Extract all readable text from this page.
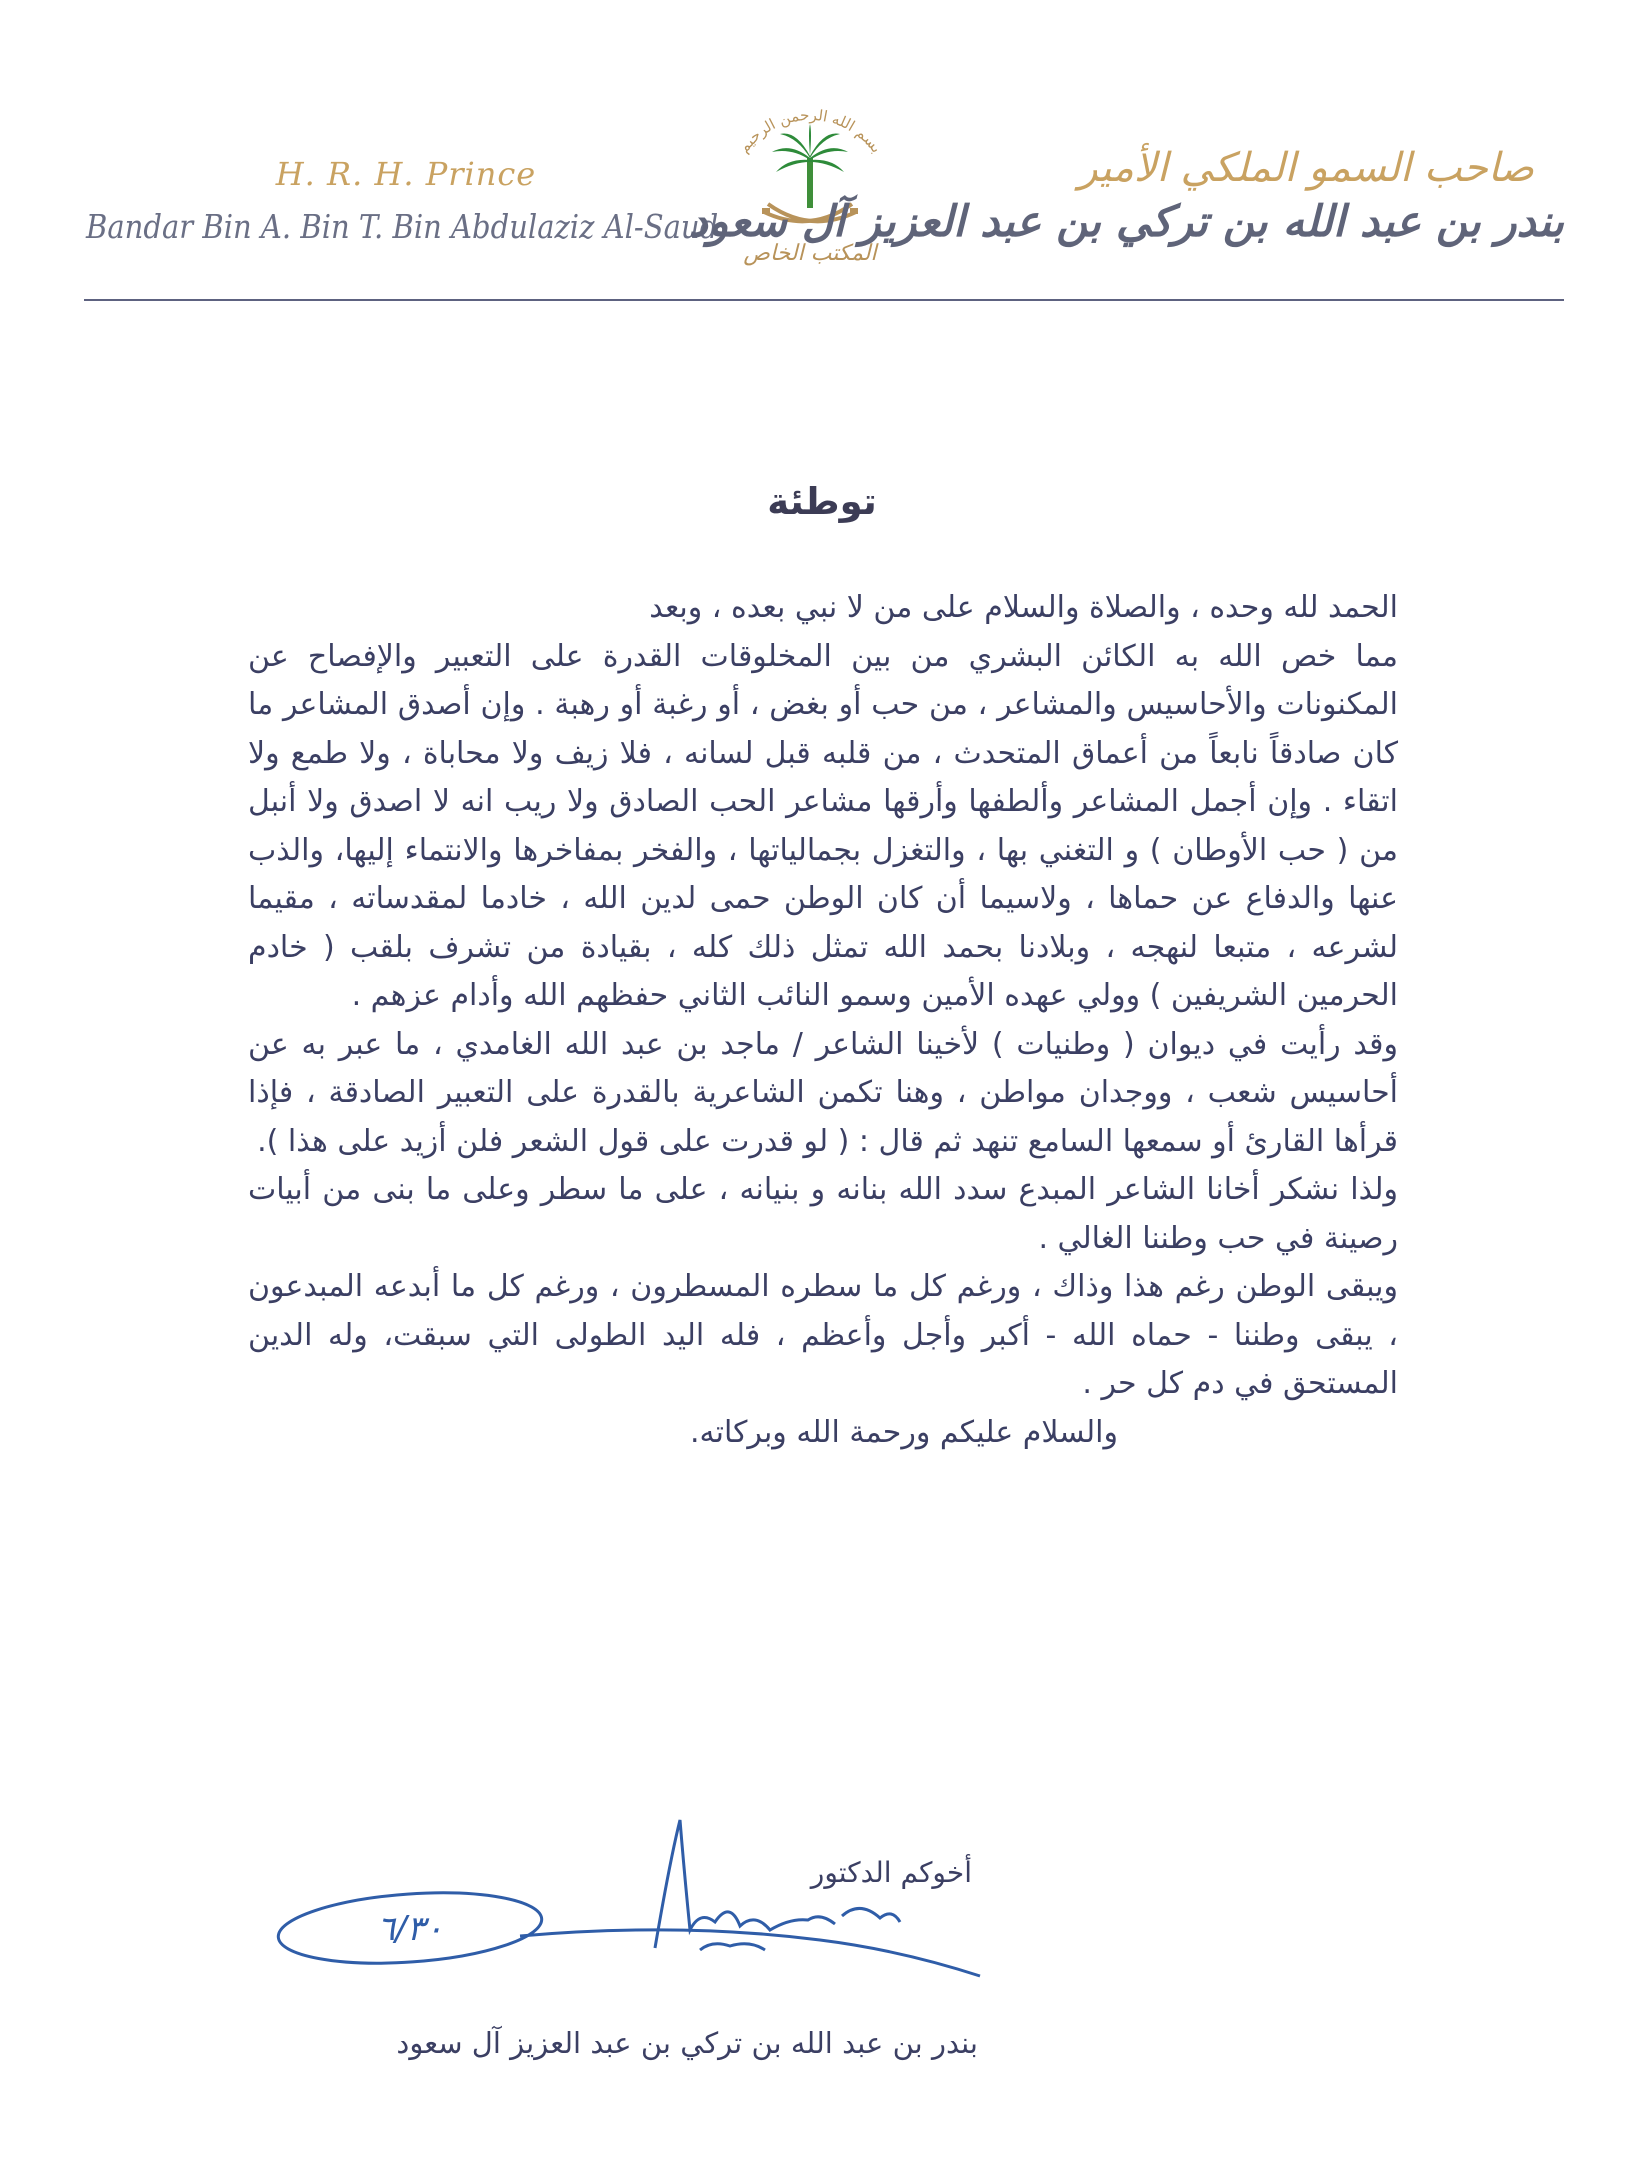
H. R. H. Prince
Bandar Bin A. Bin T. Bin Abdulaziz Al-Saud
بسم الله الرحمن الرحيم
المكتب الخاص
صاحب السمو الملكي الأمير
بندر بن عبد الله بن تركي بن عبد العزيز آل سعود
توطئة

الحمد لله وحده ، والصلاة والسلام على من لا نبي بعده ، وبعد

مما خص الله به الكائن البشري من بين المخلوقات القدرة على التعبير والإفصاح عن المكنونات والأحاسيس والمشاعر ، من حب أو بغض ، أو رغبة أو رهبة . وإن أصدق المشاعر ما كان صادقاً نابعاً من أعماق المتحدث ، من قلبه قبل لسانه ، فلا زيف ولا محاباة ، ولا طمع ولا اتقاء . وإن أجمل المشاعر وألطفها وأرقها مشاعر الحب الصادق ولا ريب انه لا اصدق ولا أنبل من ( حب الأوطان ) و التغني بها ، والتغزل بجمالياتها ، والفخر بمفاخرها والانتماء إليها، والذب عنها والدفاع عن حماها ، ولاسيما أن كان الوطن حمى لدين الله ، خادما لمقدساته ، مقيما لشرعه ، متبعا لنهجه ، وبلادنا بحمد الله تمثل ذلك كله ، بقيادة من تشرف بلقب ( خادم الحرمين الشريفين ) وولي عهده الأمين وسمو النائب الثاني حفظهم الله وأدام عزهم .

وقد رأيت في ديوان ( وطنيات ) لأخينا الشاعر / ماجد بن عبد الله الغامدي ، ما عبر به عن أحاسيس شعب ، ووجدان مواطن ، وهنا تكمن الشاعرية بالقدرة على التعبير الصادقة ، فإذا قرأها القارئ أو سمعها السامع تنهد ثم قال : ( لو قدرت على قول الشعر فلن أزيد على هذا ).

ولذا نشكر أخانا الشاعر المبدع سدد الله بنانه و بنيانه ، على ما سطر وعلى ما بنى من أبيات رصينة في حب وطننا الغالي .

ويبقى الوطن رغم هذا وذاك ، ورغم كل ما سطره المسطرون ، ورغم كل ما أبدعه المبدعون ، يبقى وطننا - حماه الله - أكبر وأجل وأعظم ، فله اليد الطولى التي سبقت، وله الدين المستحق في دم كل حر .

والسلام عليكم ورحمة الله وبركاته.

أخوكم الدكتور
٦/٣٠
بندر بن عبد الله بن تركي بن عبد العزيز آل سعود
